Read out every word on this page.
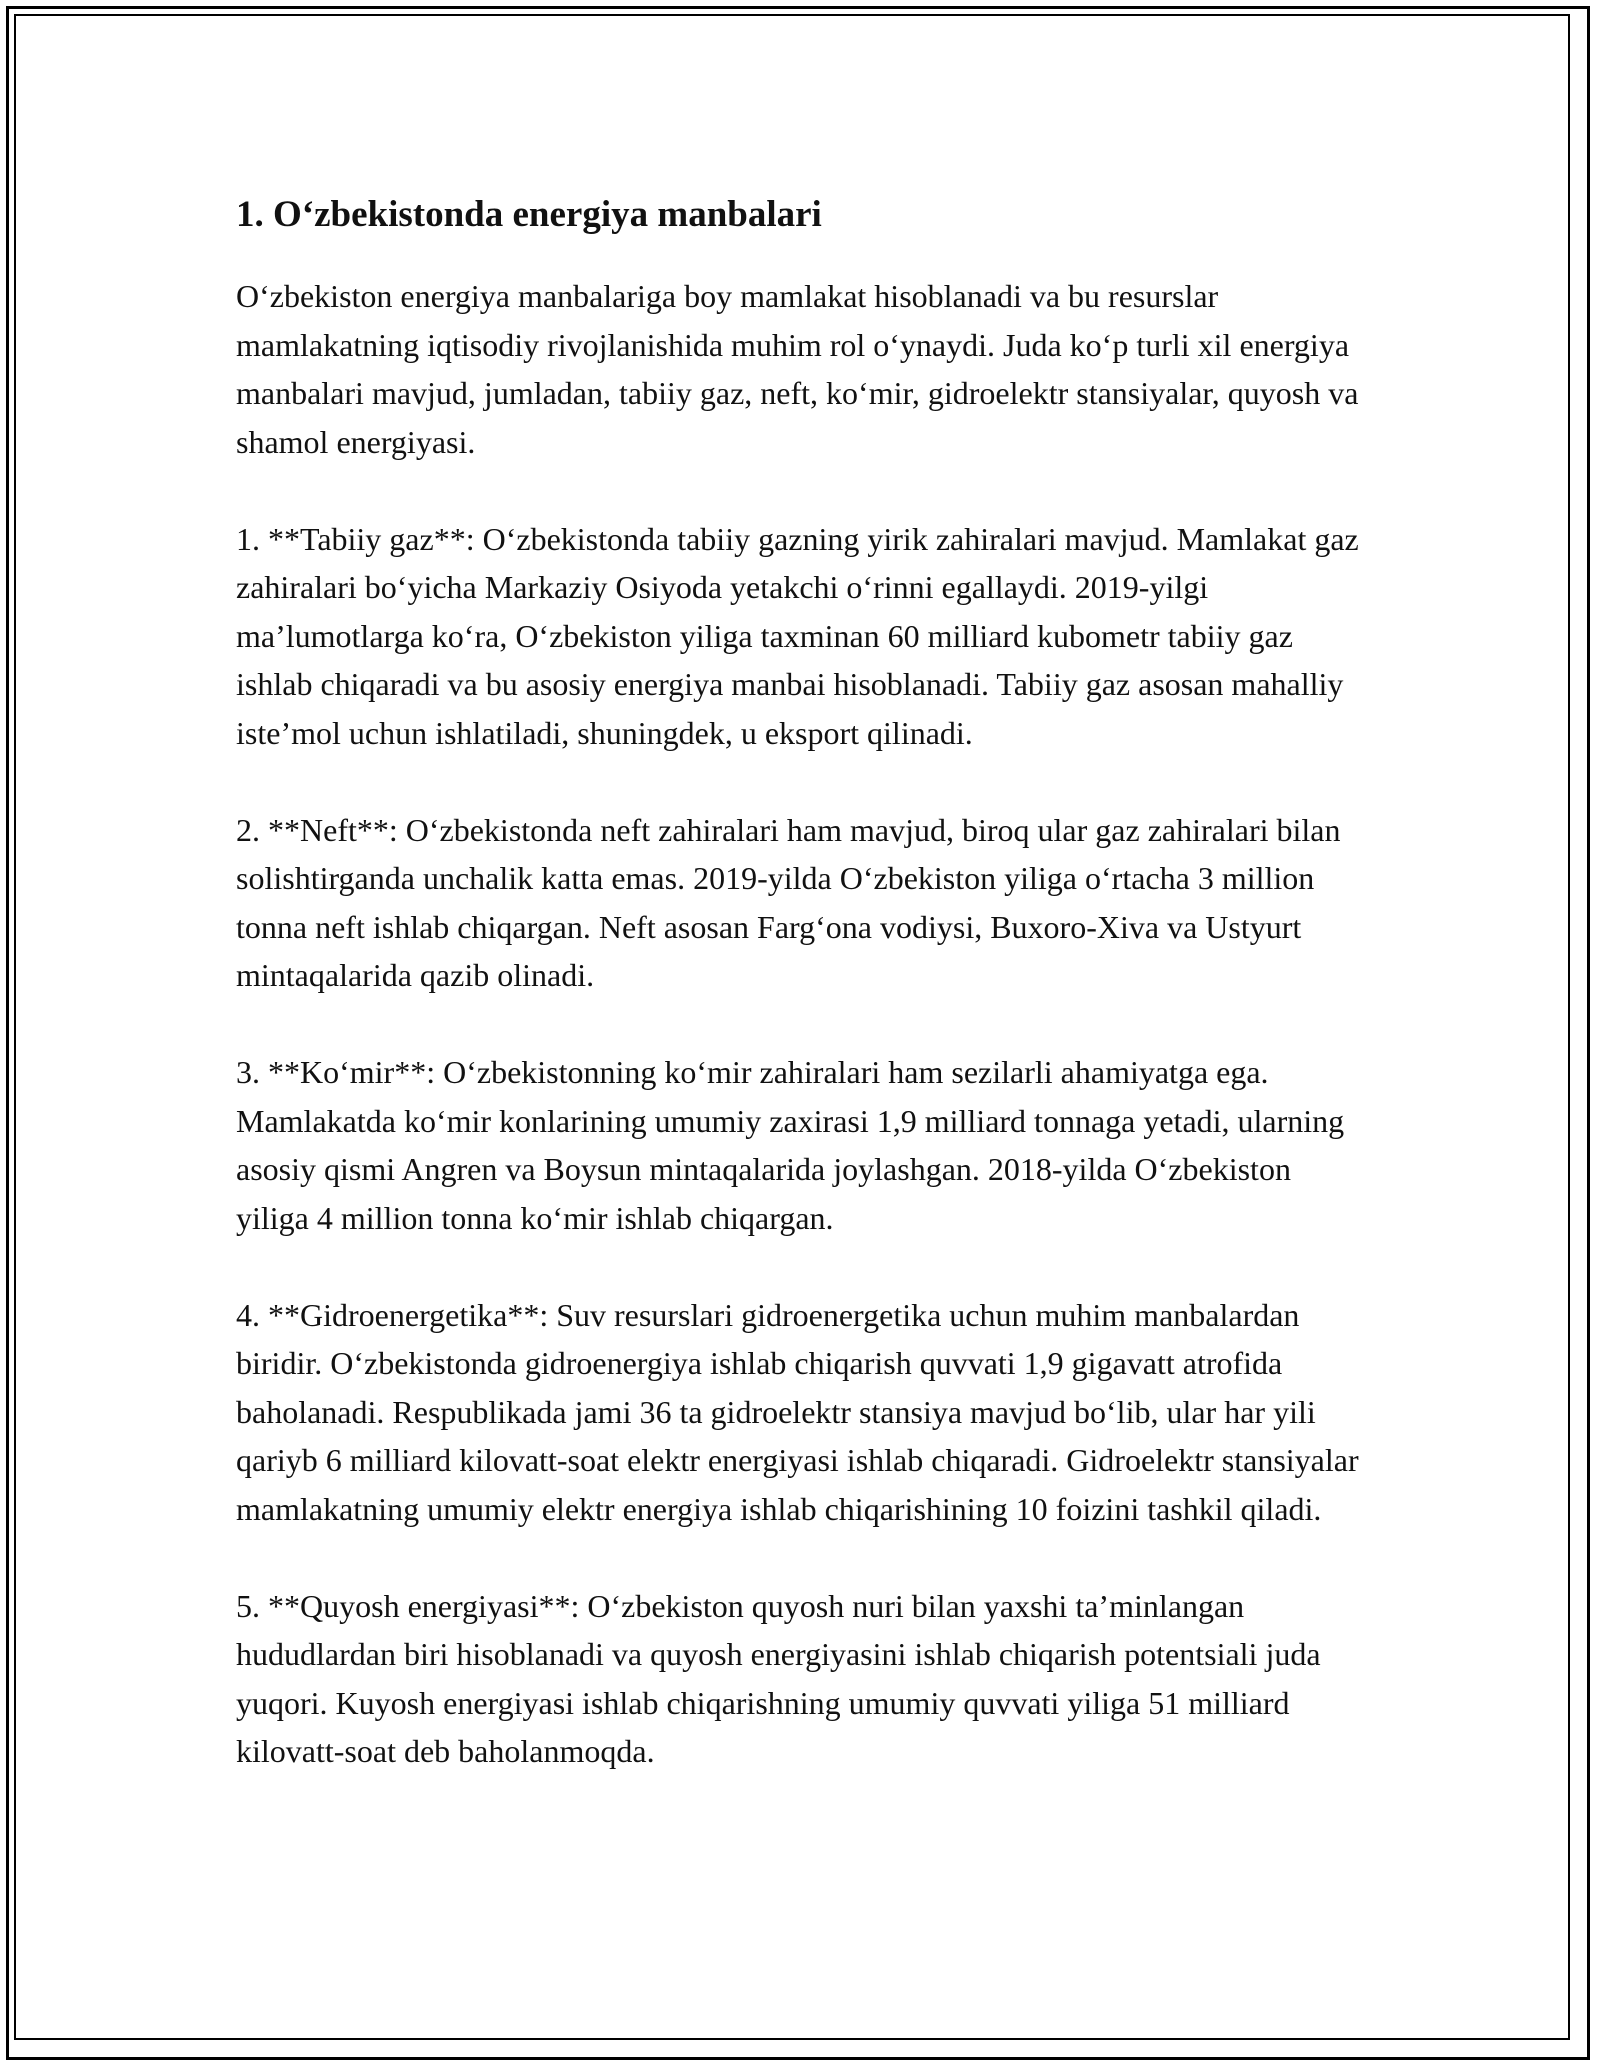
1. O‘zbekistonda energiya manbalari

O‘zbekiston energiya manbalariga boy mamlakat hisoblanadi va bu resurslar mamlakatning iqtisodiy rivojlanishida muhim rol o‘ynaydi. Juda ko‘p turli xil energiya manbalari mavjud, jumladan, tabiiy gaz, neft, ko‘mir, gidroelektr stansiyalar, quyosh va shamol energiyasi.

1. **Tabiiy gaz**: O‘zbekistonda tabiiy gazning yirik zahiralari mavjud. Mamlakat gaz zahiralari bo‘yicha Markaziy Osiyoda yetakchi o‘rinni egallaydi. 2019-yilgi ma’lumotlarga ko‘ra, O‘zbekiston yiliga taxminan 60 milliard kubometr tabiiy gaz ishlab chiqaradi va bu asosiy energiya manbai hisoblanadi. Tabiiy gaz asosan mahalliy iste’mol uchun ishlatiladi, shuningdek, u eksport qilinadi.

2. **Neft**: O‘zbekistonda neft zahiralari ham mavjud, biroq ular gaz zahiralari bilan solishtirganda unchalik katta emas. 2019-yilda O‘zbekiston yiliga o‘rtacha 3 million tonna neft ishlab chiqargan. Neft asosan Farg‘ona vodiysi, Buxoro-Xiva va Ustyurt mintaqalarida qazib olinadi.

3. **Ko‘mir**: O‘zbekistonning ko‘mir zahiralari ham sezilarli ahamiyatga ega. Mamlakatda ko‘mir konlarining umumiy zaxirasi 1,9 milliard tonnaga yetadi, ularning asosiy qismi Angren va Boysun mintaqalarida joylashgan. 2018-yilda O‘zbekiston yiliga 4 million tonna ko‘mir ishlab chiqargan.

4. **Gidroenergetika**: Suv resurslari gidroenergetika uchun muhim manbalardan biridir. O‘zbekistonda gidroenergiya ishlab chiqarish quvvati 1,9 gigavatt atrofida baholanadi. Respublikada jami 36 ta gidroelektr stansiya mavjud bo‘lib, ular har yili qariyb 6 milliard kilovatt-soat elektr energiyasi ishlab chiqaradi. Gidroelektr stansiyalar mamlakatning umumiy elektr energiya ishlab chiqarishining 10 foizini tashkil qiladi.

5. **Quyosh energiyasi**: O‘zbekiston quyosh nuri bilan yaxshi ta’minlangan hududlardan biri hisoblanadi va quyosh energiyasini ishlab chiqarish potentsiali juda yuqori. Kuyosh energiyasi ishlab chiqarishning umumiy quvvati yiliga 51 milliard kilovatt-soat deb baholanmoqda.
